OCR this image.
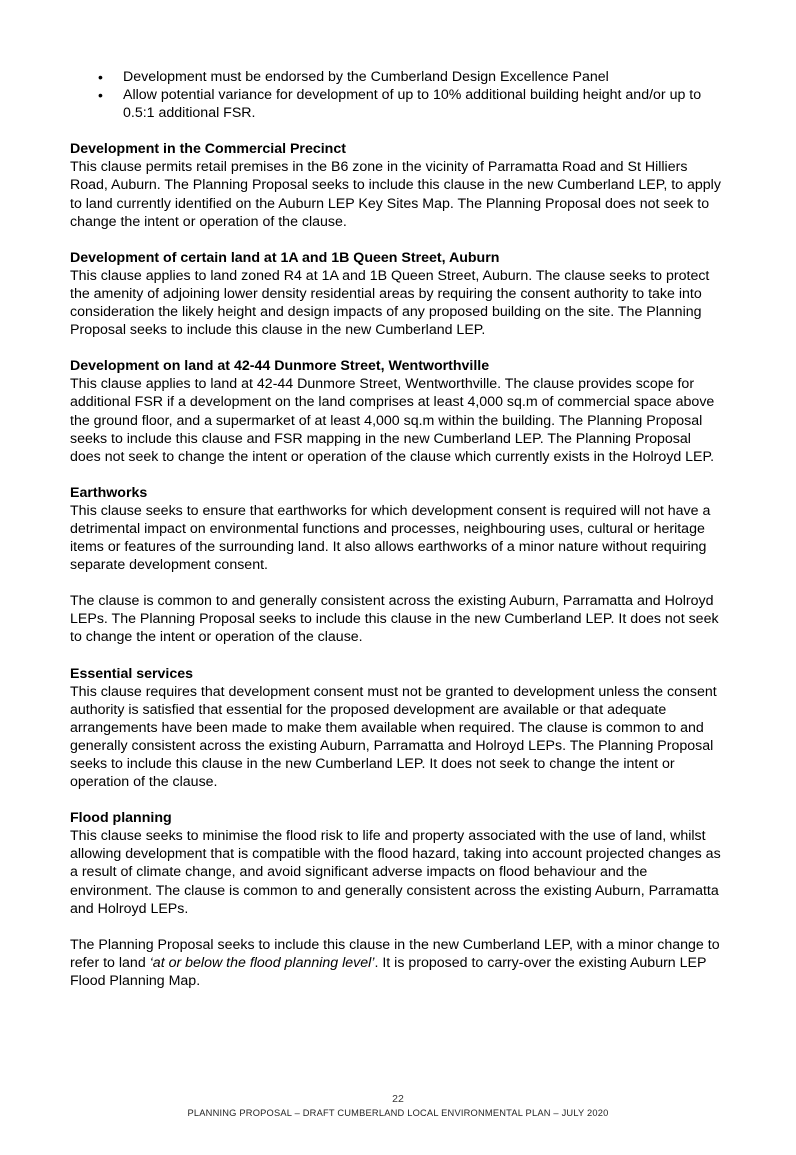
• Development must be endorsed by the Cumberland Design Excellence Panel
• Allow potential variance for development of up to 10% additional building height and/or up to 0.5:1 additional FSR.
Development in the Commercial Precinct

This clause permits retail premises in the B6 zone in the vicinity of Parramatta Road and St Hilliers Road, Auburn. The Planning Proposal seeks to include this clause in the new Cumberland LEP, to apply to land currently identified on the Auburn LEP Key Sites Map. The Planning Proposal does not seek to change the intent or operation of the clause.

Development of certain land at 1A and 1B Queen Street, Auburn

This clause applies to land zoned R4 at 1A and 1B Queen Street, Auburn. The clause seeks to protect the amenity of adjoining lower density residential areas by requiring the consent authority to take into consideration the likely height and design impacts of any proposed building on the site. The Planning Proposal seeks to include this clause in the new Cumberland LEP.

Development on land at 42-44 Dunmore Street, Wentworthville

This clause applies to land at 42-44 Dunmore Street, Wentworthville. The clause provides scope for additional FSR if a development on the land comprises at least 4,000 sq.m of commercial space above the ground floor, and a supermarket of at least 4,000 sq.m within the building. The Planning Proposal seeks to include this clause and FSR mapping in the new Cumberland LEP. The Planning Proposal does not seek to change the intent or operation of the clause which currently exists in the Holroyd LEP.

Earthworks

This clause seeks to ensure that earthworks for which development consent is required will not have a detrimental impact on environmental functions and processes, neighbouring uses, cultural or heritage items or features of the surrounding land. It also allows earthworks of a minor nature without requiring separate development consent.

The clause is common to and generally consistent across the existing Auburn, Parramatta and Holroyd LEPs. The Planning Proposal seeks to include this clause in the new Cumberland LEP. It does not seek to change the intent or operation of the clause.

Essential services

This clause requires that development consent must not be granted to development unless the consent authority is satisfied that essential for the proposed development are available or that adequate arrangements have been made to make them available when required. The clause is common to and generally consistent across the existing Auburn, Parramatta and Holroyd LEPs. The Planning Proposal seeks to include this clause in the new Cumberland LEP. It does not seek to change the intent or operation of the clause.

Flood planning

This clause seeks to minimise the flood risk to life and property associated with the use of land, whilst allowing development that is compatible with the flood hazard, taking into account projected changes as a result of climate change, and avoid significant adverse impacts on flood behaviour and the environment. The clause is common to and generally consistent across the existing Auburn, Parramatta and Holroyd LEPs.

The Planning Proposal seeks to include this clause in the new Cumberland LEP, with a minor change to refer to land ‘at or below the flood planning level’. It is proposed to carry-over the existing Auburn LEP Flood Planning Map.

22
PLANNING PROPOSAL – DRAFT CUMBERLAND LOCAL ENVIRONMENTAL PLAN – JULY 2020
